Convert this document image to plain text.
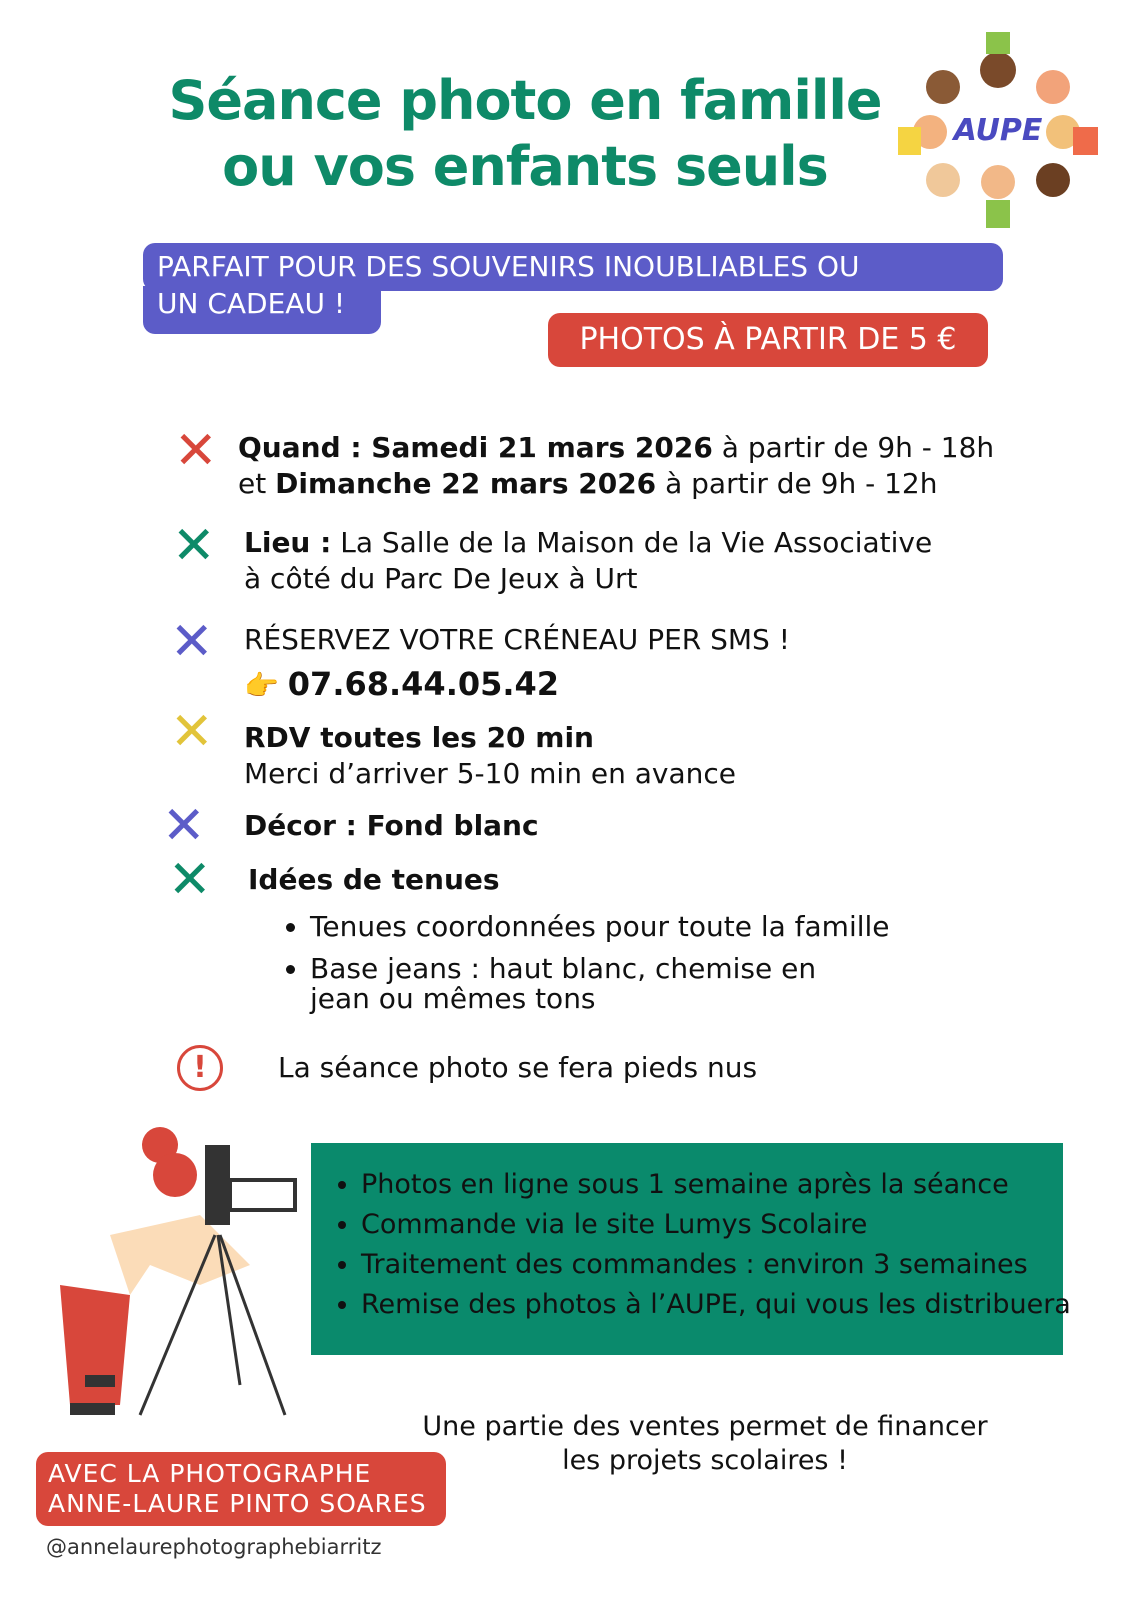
Séance photo en famille
ou vos enfants seuls
AUPE
PARFAIT POUR DES SOUVENIRS INOUBLIABLES OU
UN CADEAU !
PHOTOS À PARTIR DE 5 €
✕ Quand : Samedi 21 mars 2026 à partir de 9h - 18h
et Dimanche 22 mars 2026 à partir de 9h - 12h
✕ Lieu : La Salle de la Maison de la Vie Associative
à côté du Parc De Jeux à Urt
✕ RÉSERVEZ VOTRE CRÉNEAU PER SMS !
👉 07.68.44.05.42
✕ RDV toutes les 20 min
Merci d’arriver 5-10 min en avance
✕ Décor : Fond blanc
✕ Idées de tenues
• Tenues coordonnées pour toute la famille
• Base jeans : haut blanc, chemise en jean ou mêmes tons
!	La séance photo se fera pieds nus
• Photos en ligne sous 1 semaine après la séance
• Commande via le site Lumys Scolaire
• Traitement des commandes : environ 3 semaines
• Remise des photos à l’AUPE, qui vous les distribuera
Une partie des ventes permet de financer
les projets scolaires !
AVEC LA PHOTOGRAPHE
ANNE-LAURE PINTO SOARES
@annelaurephotographebiarritz
